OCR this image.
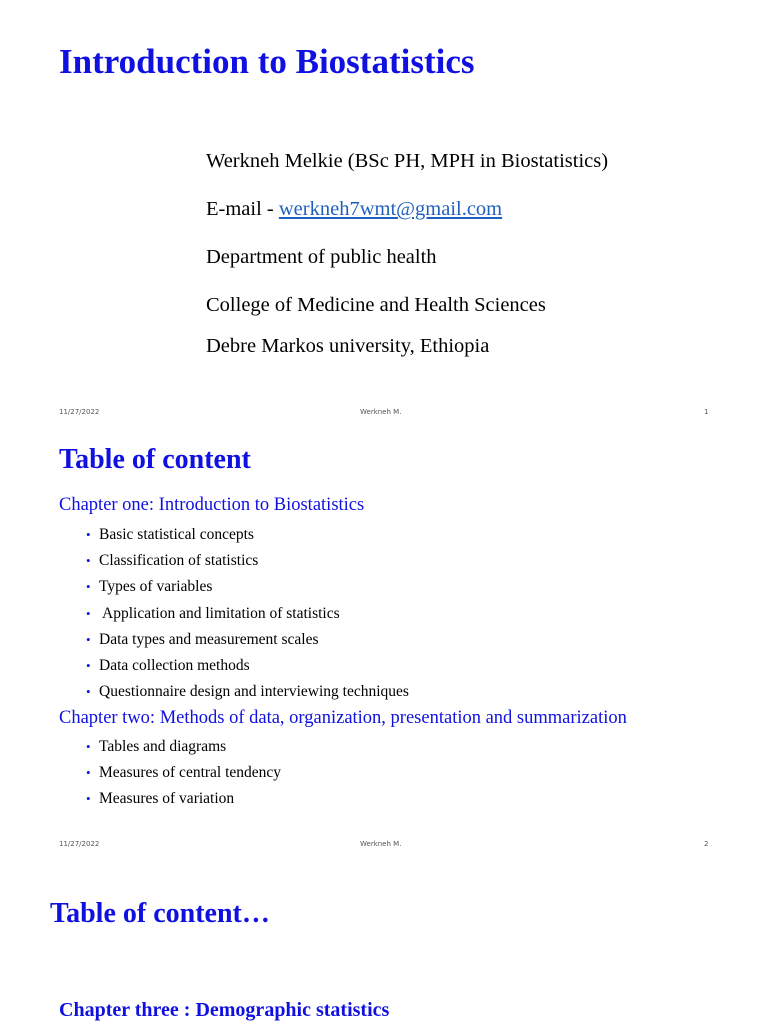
Introduction to Biostatistics
Werkneh Melkie (BSc PH, MPH in Biostatistics)
E-mail - werkneh7wmt@gmail.com
Department of public health
College of Medicine and Health Sciences
Debre Markos university, Ethiopia
11/27/2022	Werkneh M.	1
Table of content
Chapter one: Introduction to Biostatistics
• Basic statistical concepts
• Classification of statistics
• Types of variables
• Application and limitation of statistics
• Data types and measurement scales
• Data collection methods
• Questionnaire design and interviewing techniques
Chapter two: Methods of data, organization, presentation and summarization
• Tables and diagrams
• Measures of central tendency
• Measures of variation
11/27/2022	Werkneh M.	2
Table of content…
Chapter three : Demographic statistics
